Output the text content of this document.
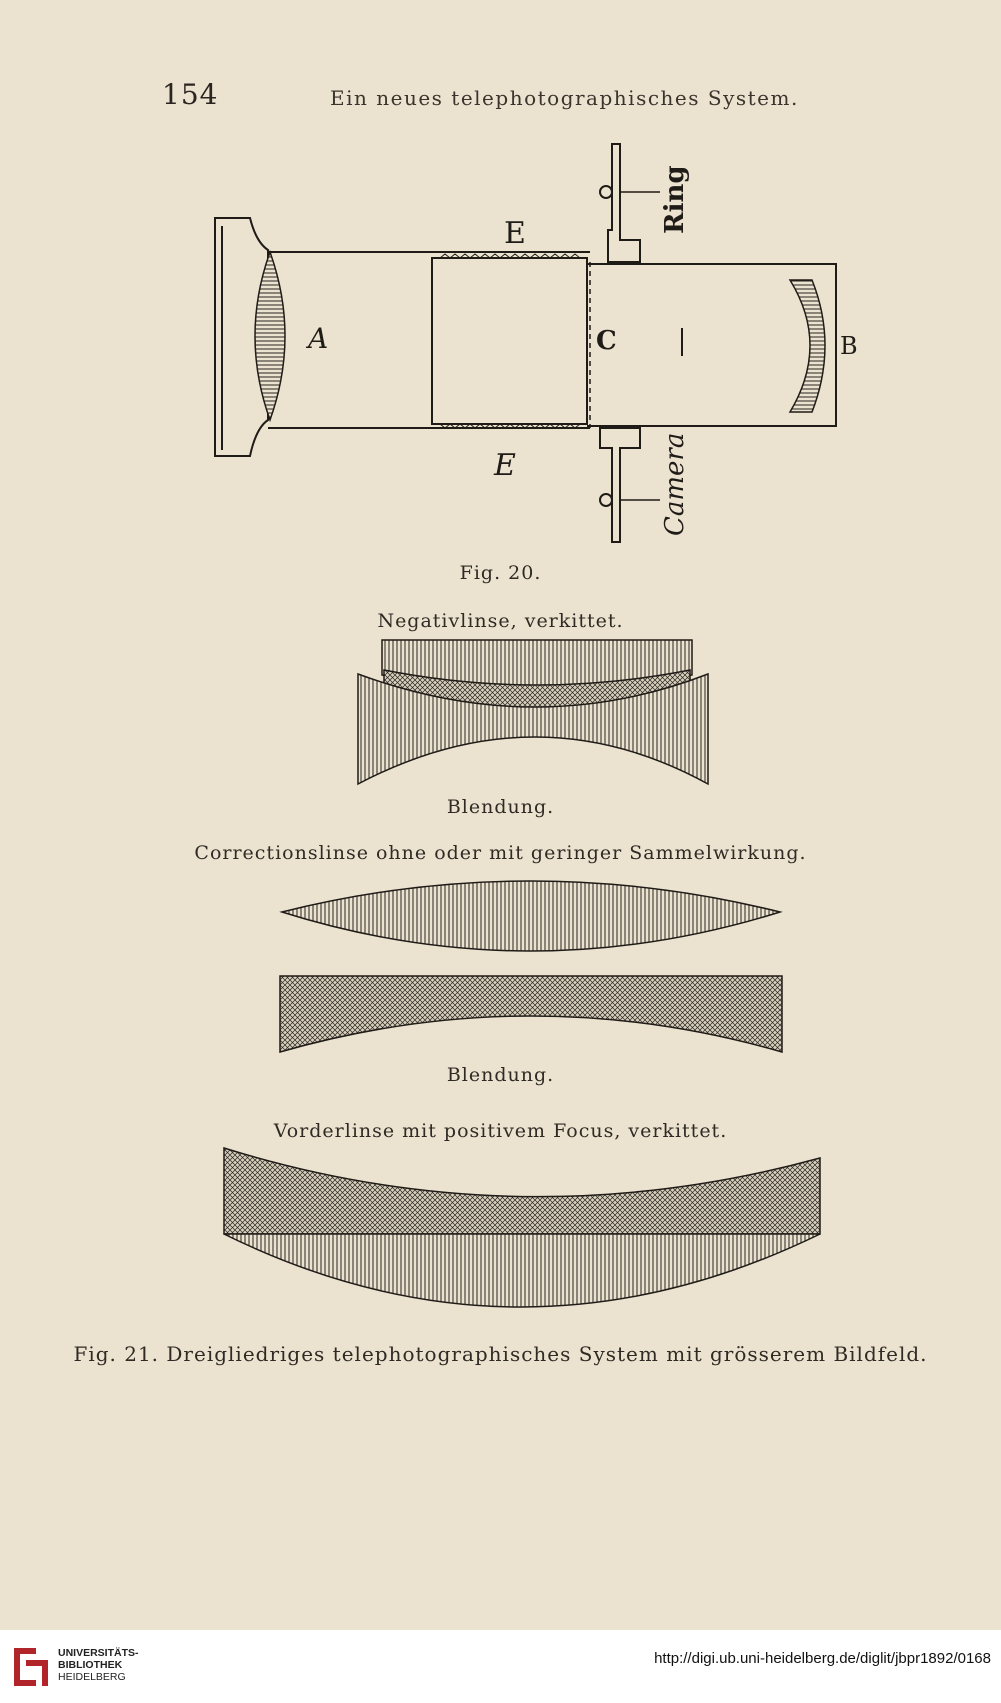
154	Ein neues telephotographisches System.
A	B
C
E
E
Ring
Camera
Fig. 20.
Negativlinse, verkittet.
Blendung.
Correctionslinse ohne oder mit geringer Sammelwirkung.
Blendung.
Vorderlinse mit positivem Focus, verkittet.
Fig. 21. Dreigliedriges telephotographisches System mit grösserem Bildfeld.
UNIVERSITÄTS-
BIBLIOTHEK
HEIDELBERG
http://digi.ub.uni-heidelberg.de/diglit/jbpr1892/0168
